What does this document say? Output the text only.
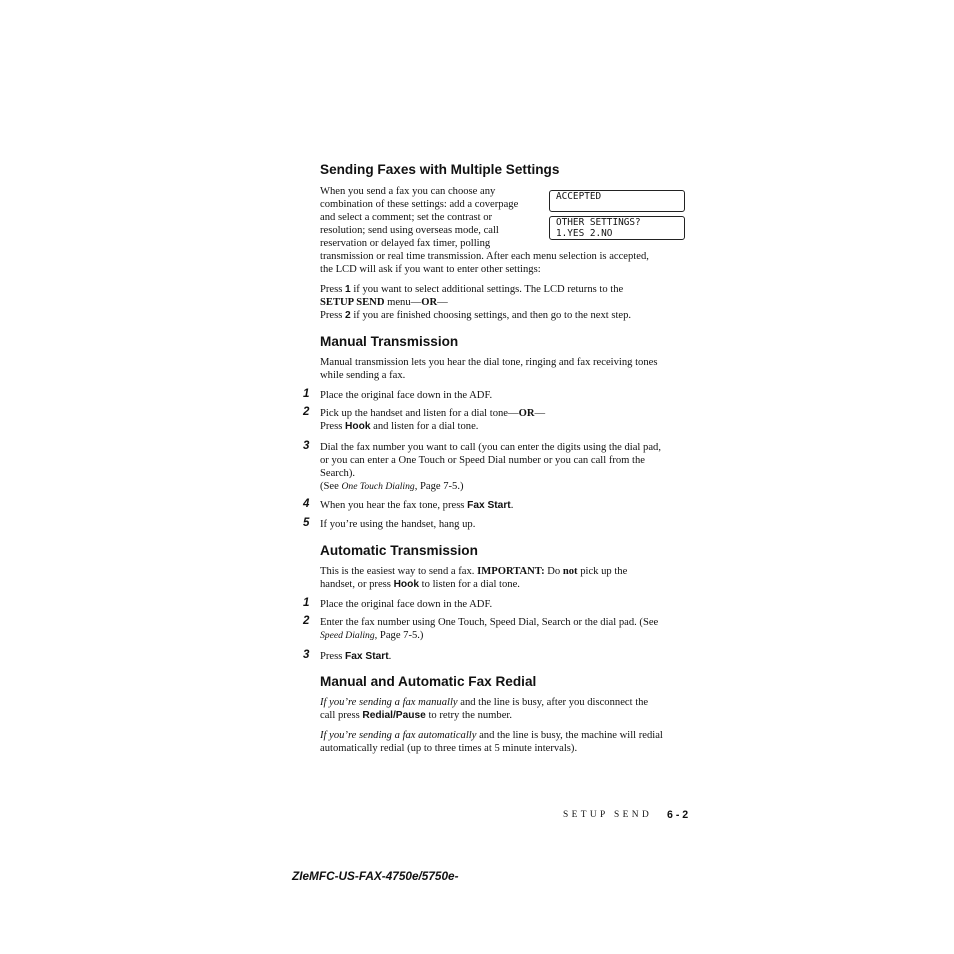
Sending Faxes with Multiple Settings
When you send a fax you can choose any
combination of these settings: add a coverpage
and select a comment; set the contrast or
resolution; send using overseas mode, call
reservation or delayed fax timer, polling
transmission or real time transmission. After each menu selection is accepted,
the LCD will ask if you want to enter other settings:
ACCEPTED
OTHER SETTINGS?
1.YES 2.NO
Press 1 if you want to select additional settings. The LCD returns to the
SETUP SEND menu—OR—
Press 2 if you are finished choosing settings, and then go to the next step.
Manual Transmission
Manual transmission lets you hear the dial tone, ringing and fax receiving tones
while sending a fax.
1 Place the original face down in the ADF.
2 Pick up the handset and listen for a dial tone—OR—
Press Hook and listen for a dial tone.
3 Dial the fax number you want to call (you can enter the digits using the dial pad,
or you can enter a One Touch or Speed Dial number or you can call from the
Search).
(See One Touch Dialing, Page 7-5.)
4 When you hear the fax tone, press Fax Start.
5 If you’re using the handset, hang up.
Automatic Transmission
This is the easiest way to send a fax. IMPORTANT: Do not pick up the
handset, or press Hook to listen for a dial tone.
1 Place the original face down in the ADF.
2 Enter the fax number using One Touch, Speed Dial, Search or the dial pad. (See
Speed Dialing, Page 7-5.)
3 Press Fax Start.
Manual and Automatic Fax Redial
If you’re sending a fax manually and the line is busy, after you disconnect the
call press Redial/Pause to retry the number.
If you’re sending a fax automatically and the line is busy, the machine will redial
automatically redial (up to three times at 5 minute intervals).
SETUP SEND 6 - 2
ZIeMFC-US-FAX-4750e/5750e-
